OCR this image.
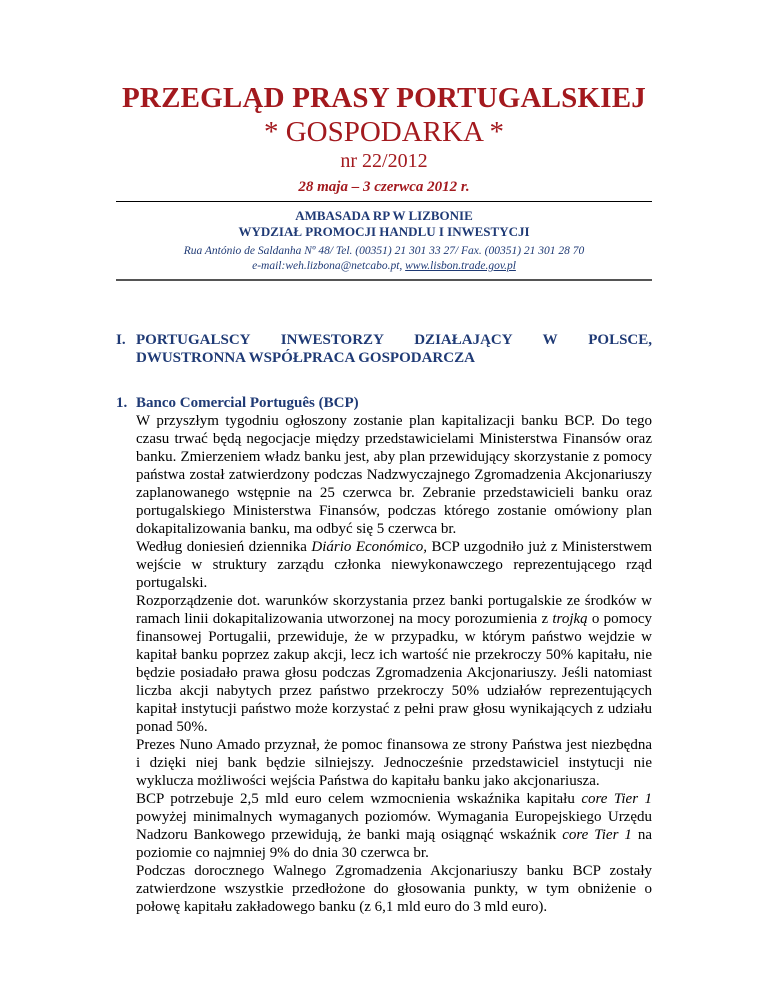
PRZEGLĄD PRASY PORTUGALSKIEJ
* GOSPODARKA *
nr 22/2012
28 maja – 3 czerwca 2012 r.
AMBASADA RP W LIZBONIE
WYDZIAŁ PROMOCJI HANDLU I INWESTYCJI
Rua António de Saldanha Nº 48/ Tel. (00351) 21 301 33 27/ Fax. (00351) 21 301 28 70
e-mail:weh.lizbona@netcabo.pt, www.lisbon.trade.gov.pl
I. PORTUGALSCY INWESTORZY DZIAŁAJĄCY W POLSCE,
DWUSTRONNA WSPÓŁPRACA GOSPODARCZA
1. Banco Comercial Português (BCP)

W przyszłym tygodniu ogłoszony zostanie plan kapitalizacji banku BCP. Do tego czasu trwać będą negocjacje między przedstawicielami Ministerstwa Finansów oraz banku. Zmierzeniem władz banku jest, aby plan przewidujący skorzystanie z pomocy państwa został zatwierdzony podczas Nadzwyczajnego Zgromadzenia Akcjonariuszy zaplanowanego wstępnie na 25 czerwca br. Zebranie przedstawicieli banku oraz portugalskiego Ministerstwa Finansów, podczas którego zostanie omówiony plan dokapitalizowania banku, ma odbyć się 5 czerwca br.

Według doniesień dziennika Diário Económico, BCP uzgodniło już z Ministerstwem wejście w struktury zarządu członka niewykonawczego reprezentującego rząd portugalski.

Rozporządzenie dot. warunków skorzystania przez banki portugalskie ze środków w ramach linii dokapitalizowania utworzonej na mocy porozumienia z trojką o pomocy finansowej Portugalii, przewiduje, że w przypadku, w którym państwo wejdzie w kapitał banku poprzez zakup akcji, lecz ich wartość nie przekroczy 50% kapitału, nie będzie posiadało prawa głosu podczas Zgromadzenia Akcjonariuszy. Jeśli natomiast liczba akcji nabytych przez państwo przekroczy 50% udziałów reprezentujących kapitał instytucji państwo może korzystać z pełni praw głosu wynikających z udziału ponad 50%.

Prezes Nuno Amado przyznał, że pomoc finansowa ze strony Państwa jest niezbędna i dzięki niej bank będzie silniejszy. Jednocześnie przedstawiciel instytucji nie wyklucza możliwości wejścia Państwa do kapitału banku jako akcjonariusza.

BCP potrzebuje 2,5 mld euro celem wzmocnienia wskaźnika kapitału core Tier 1 powyżej minimalnych wymaganych poziomów. Wymagania Europejskiego Urzędu Nadzoru Bankowego przewidują, że banki mają osiągnąć wskaźnik core Tier 1 na poziomie co najmniej 9% do dnia 30 czerwca br.

Podczas dorocznego Walnego Zgromadzenia Akcjonariuszy banku BCP zostały zatwierdzone wszystkie przedłożone do głosowania punkty, w tym obniżenie o połowę kapitału zakładowego banku (z 6,1 mld euro do 3 mld euro).
